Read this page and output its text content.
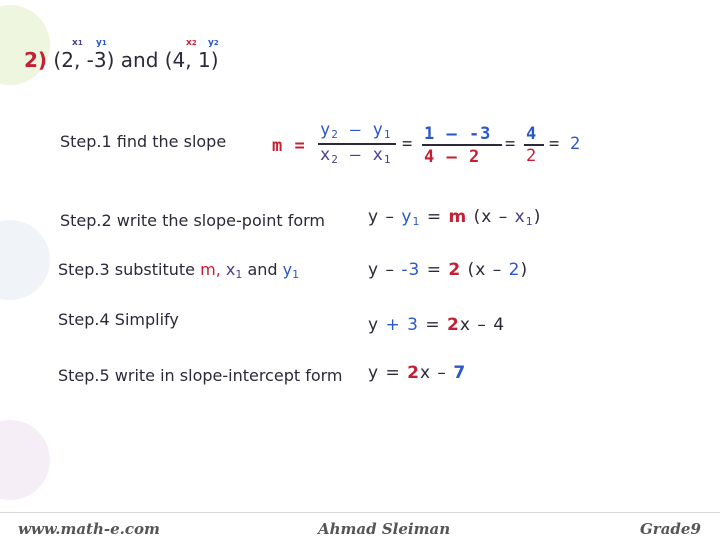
x1 y1	x2 y2
2) (2, -3) and (4, 1)
Step.1 find the slope	m =
$y_2 - y_1$
$x_2 - x_1$
= 1 – -3
4 – 2
= 4
2
= 2
Step.2 write the slope-point form	$y - y_1 = m$ $(x - x_1)$
Step.3 substitute m, $x_1$ and $y_1$	y – -3 = 2 (x – 2)
Step.4 Simplify	y + 3 = 2x – 4
Step.5 write in slope-intercept form y = 2x – 7
www.math-e.com	Ahmad Sleiman	Grade9
